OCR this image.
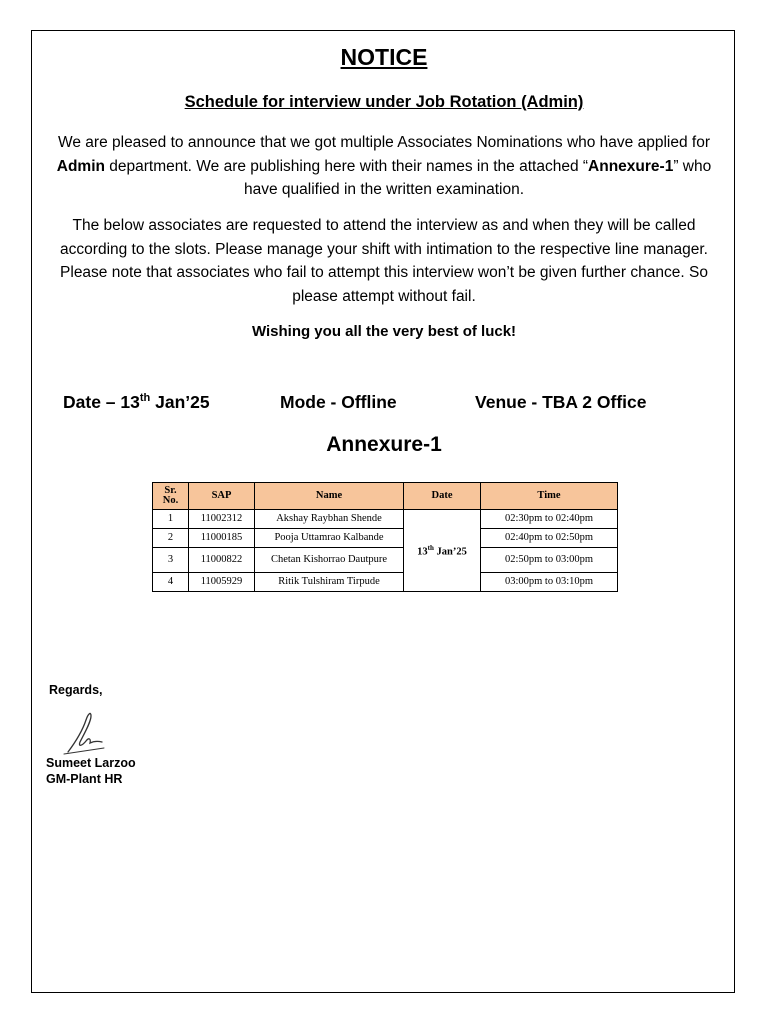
NOTICE
Schedule for interview under Job Rotation (Admin)
We are pleased to announce that we got multiple Associates Nominations who have applied for Admin department. We are publishing here with their names in the attached “Annexure-1” who have qualified in the written examination.
The below associates are requested to attend the interview as and when they will be called according to the slots. Please manage your shift with intimation to the respective line manager. Please note that associates who fail to attempt this interview won’t be given further chance. So please attempt without fail.
Wishing you all the very best of luck!
Date – 13th Jan’25	Mode - Offline	Venue - TBA 2 Office
Annexure-1
Sr.
No.	SAP	Name	Date	Time
1	11002312	Akshay Raybhan Shende	13th Jan’25	02:30pm to 02:40pm
2	11000185	Pooja Uttamrao Kalbande		02:40pm to 02:50pm
3	11000822	Chetan Kishorrao Dautpure		02:50pm to 03:00pm
4	11005929	Ritik Tulshiram Tirpude		03:00pm to 03:10pm
Regards,
Sumeet Larzoo
GM-Plant HR
